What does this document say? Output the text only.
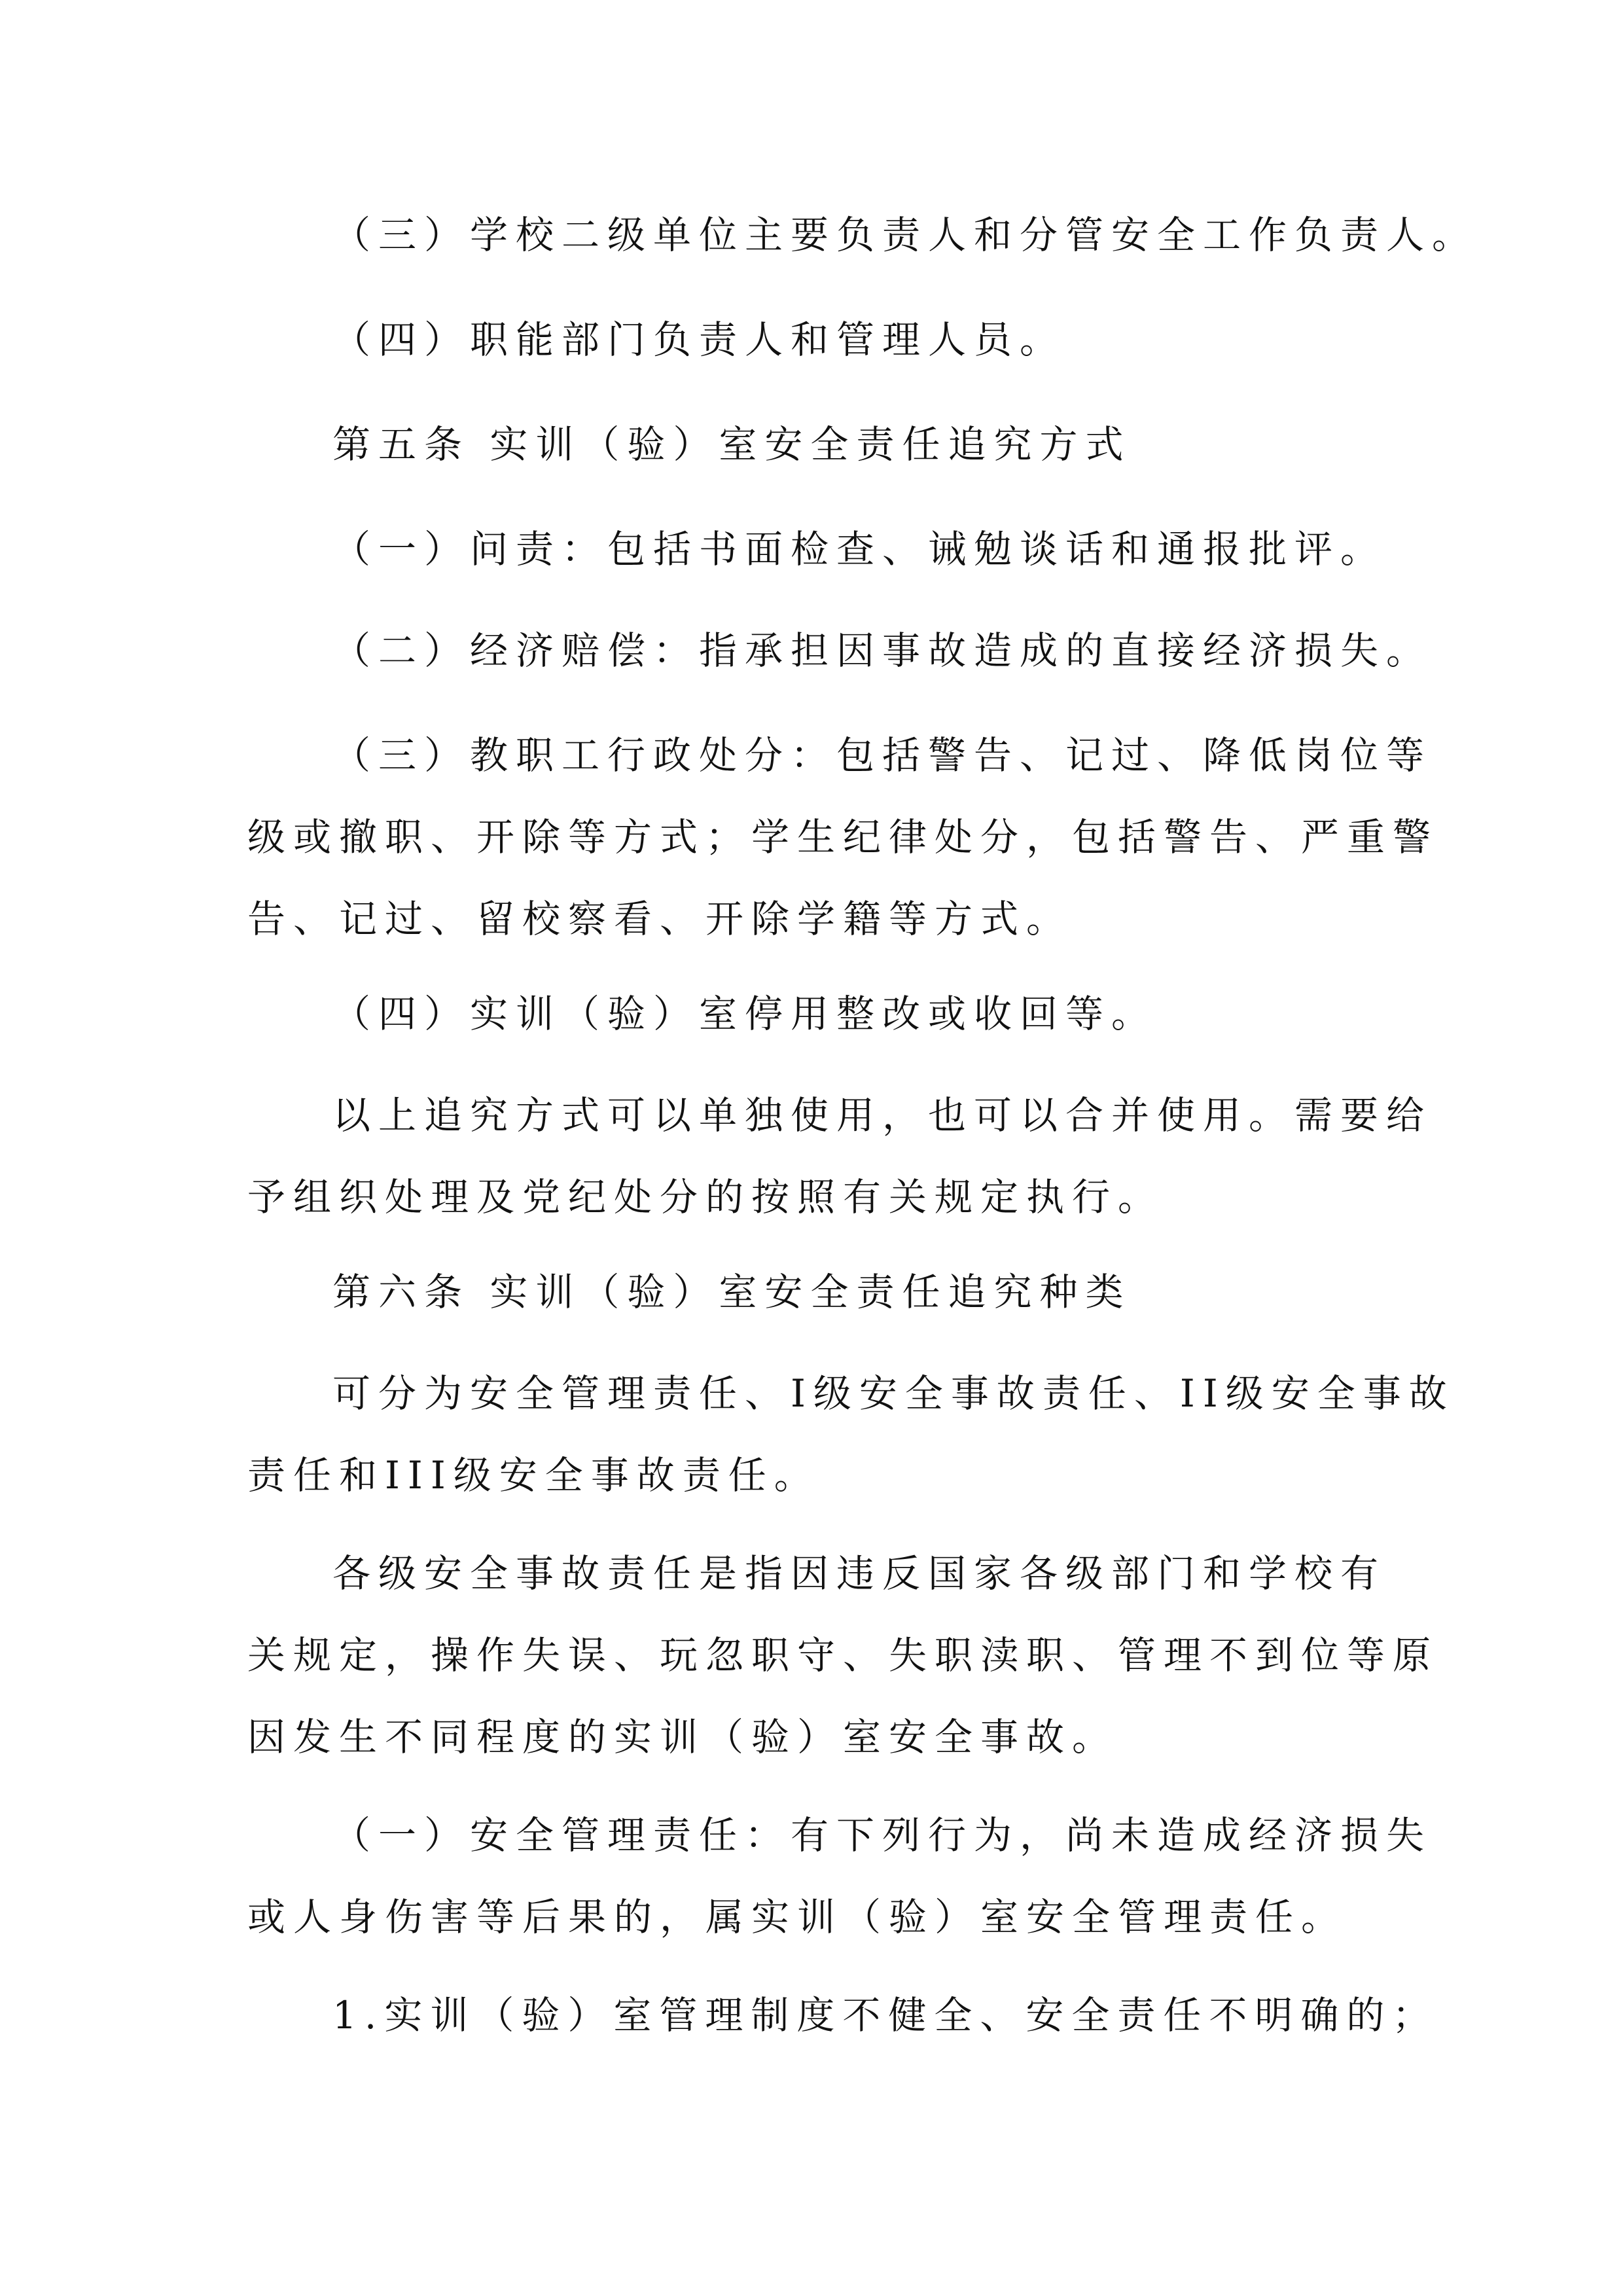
（三）学校二级单位主要负责人和分管安全工作负责人。
（四）职能部门负责人和管理人员。
第五条 实训（验）室安全责任追究方式
（一）问责：包括书面检查、诫勉谈话和通报批评。
（二）经济赔偿：指承担因事故造成的直接经济损失。
（三）教职工行政处分：包括警告、记过、降低岗位等
级或撤职、开除等方式；学生纪律处分，包括警告、严重警
告、记过、留校察看、开除学籍等方式。
（四）实训（验）室停用整改或收回等。
以上追究方式可以单独使用，也可以合并使用。需要给
予组织处理及党纪处分的按照有关规定执行。
第六条 实训（验）室安全责任追究种类
可分为安全管理责任、I级安全事故责任、II级安全事故
责任和III级安全事故责任。
各级安全事故责任是指因违反国家各级部门和学校有
关规定，操作失误、玩忽职守、失职渎职、管理不到位等原
因发生不同程度的实训（验）室安全事故。
（一）安全管理责任：有下列行为，尚未造成经济损失
或人身伤害等后果的，属实训（验）室安全管理责任。
1.实训（验）室管理制度不健全、安全责任不明确的；
